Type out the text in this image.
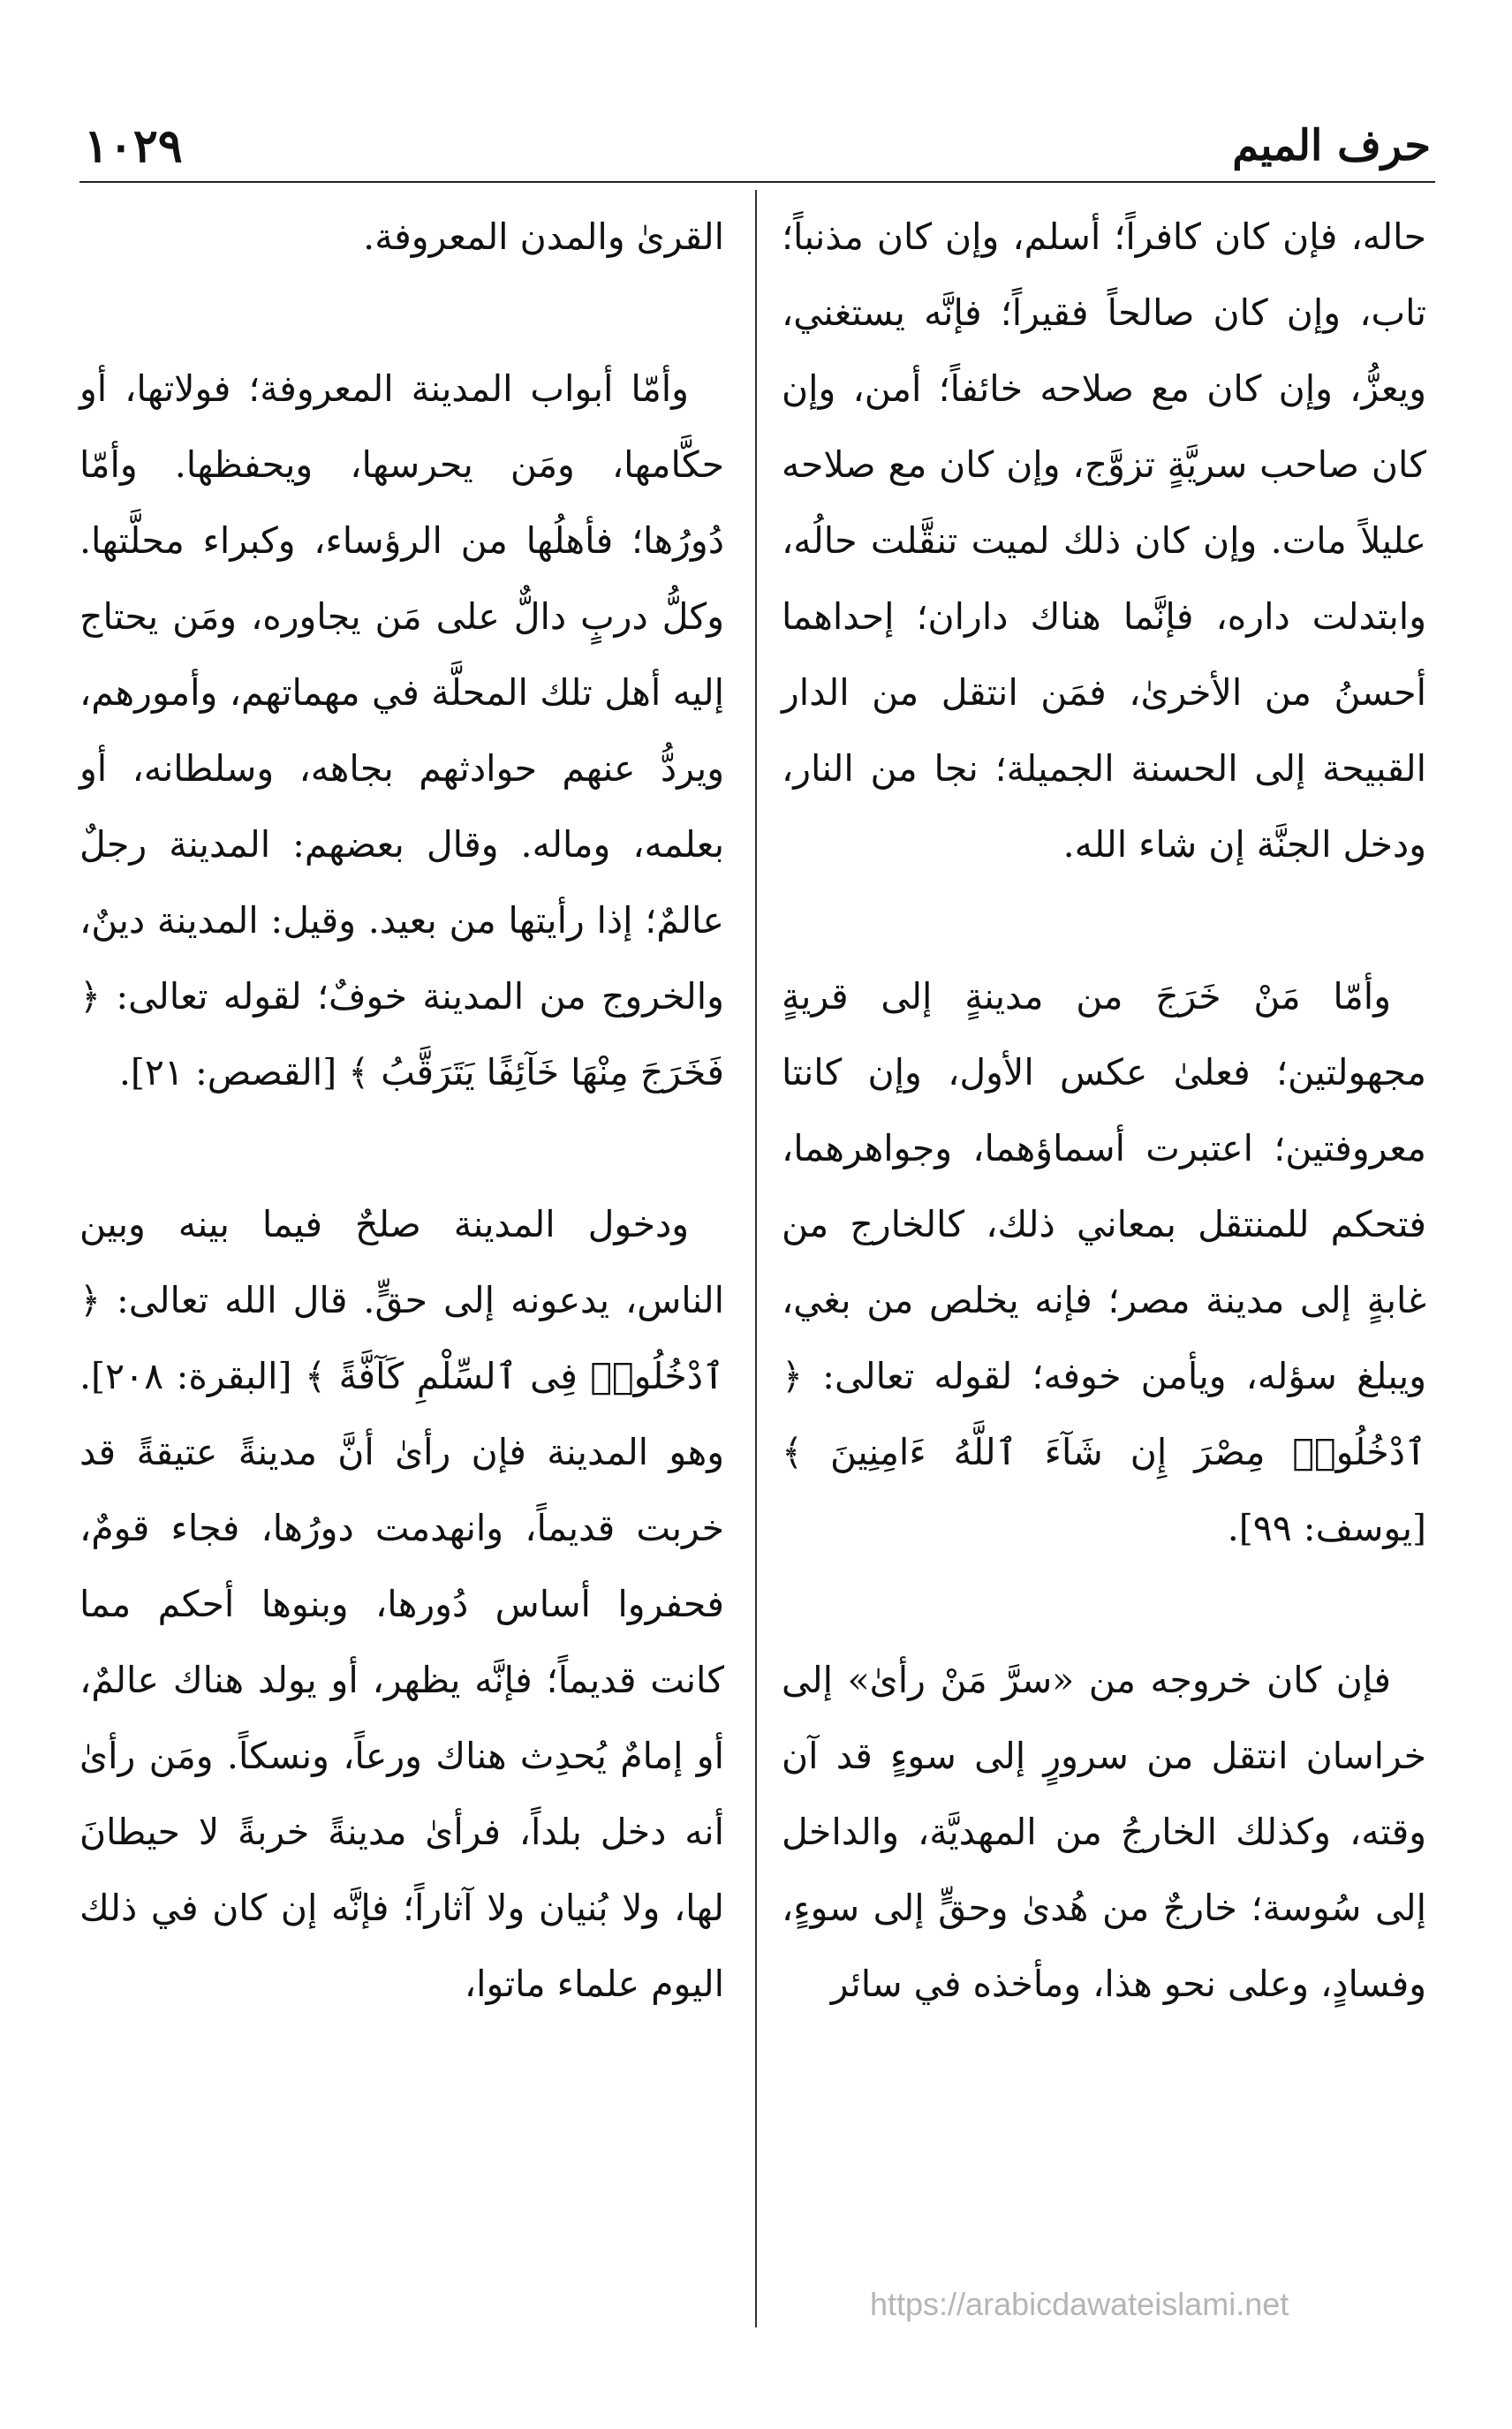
حرف الميم
١٠٢٩

حاله، فإن كان كافراً؛ أسلم، وإن كان مذنباً؛ تاب، وإن كان صالحاً فقيراً؛ فإنَّه يستغني، ويعزُّ، وإن كان مع صلاحه خائفاً؛ أمن، وإن كان صاحب سريَّةٍ تزوَّج، وإن كان مع صلاحه عليلاً مات. وإن كان ذلك لميت تنقَّلت حالُه، وابتدلت داره، فإنَّما هناك داران؛ إحداهما أحسنُ من الأخرىٰ، فمَن انتقل من الدار القبيحة إلى الحسنة الجميلة؛ نجا من النار، ودخل الجنَّة إن شاء الله.

وأمّا مَنْ خَرَجَ من مدينةٍ إلى قريةٍ مجهولتين؛ فعلىٰ عكس الأول، وإن كانتا معروفتين؛ اعتبرت أسماؤهما، وجواهرهما، فتحكم للمنتقل بمعاني ذلك، كالخارج من غابةٍ إلى مدينة مصر؛ فإنه يخلص من بغي، ويبلغ سؤله، ويأمن خوفه؛ لقوله تعالى: ﴿ ٱدْخُلُوا۟ مِصْرَ إِن شَآءَ ٱللَّهُ ءَامِنِينَ ﴾ [يوسف: ٩٩].

فإن كان خروجه من «سرَّ مَنْ رأىٰ» إلى خراسان انتقل من سرورٍ إلى سوءٍ قد آن وقته، وكذلك الخارجُ من المهديَّة، والداخل إلى سُوسة؛ خارجٌ من هُدىٰ وحقٍّ إلى سوءٍ، وفسادٍ، وعلى نحو هذا، ومأخذه في سائر

القرىٰ والمدن المعروفة.

وأمّا أبواب المدينة المعروفة؛ فولاتها، أو حكَّامها، ومَن يحرسها، ويحفظها. وأمّا دُورُها؛ فأهلُها من الرؤساء، وكبراء محلَّتها. وكلُّ دربٍ دالٌّ على مَن يجاوره، ومَن يحتاج إليه أهل تلك المحلَّة في مهماتهم، وأمورهم، ويردُّ عنهم حوادثهم بجاهه، وسلطانه، أو بعلمه، وماله. وقال بعضهم: المدينة رجلٌ عالمٌ؛ إذا رأيتها من بعيد. وقيل: المدينة دينٌ، والخروج من المدينة خوفٌ؛ لقوله تعالى: ﴿ فَخَرَجَ مِنْهَا خَآئِفًا يَتَرَقَّبُ ﴾ [القصص: ٢١].

ودخول المدينة صلحٌ فيما بينه وبين الناس، يدعونه إلى حقٍّ. قال الله تعالى: ﴿ ٱدْخُلُوا۟ فِى ٱلسِّلْمِ كَآفَّةً ﴾ [البقرة: ٢٠٨]. وهو المدينة فإن رأىٰ أنَّ مدينةً عتيقةً قد خربت قديماً، وانهدمت دورُها، فجاء قومٌ، فحفروا أساس دُورها، وبنوها أحكم مما كانت قديماً؛ فإنَّه يظهر، أو يولد هناك عالمٌ، أو إمامٌ يُحدِث هناك ورعاً، ونسكاً. ومَن رأىٰ أنه دخل بلداً، فرأىٰ مدينةً خربةً لا حيطانَ لها، ولا بُنيان ولا آثاراً؛ فإنَّه إن كان في ذلك اليوم علماء ماتوا،

https://arabicdawateislami.net
